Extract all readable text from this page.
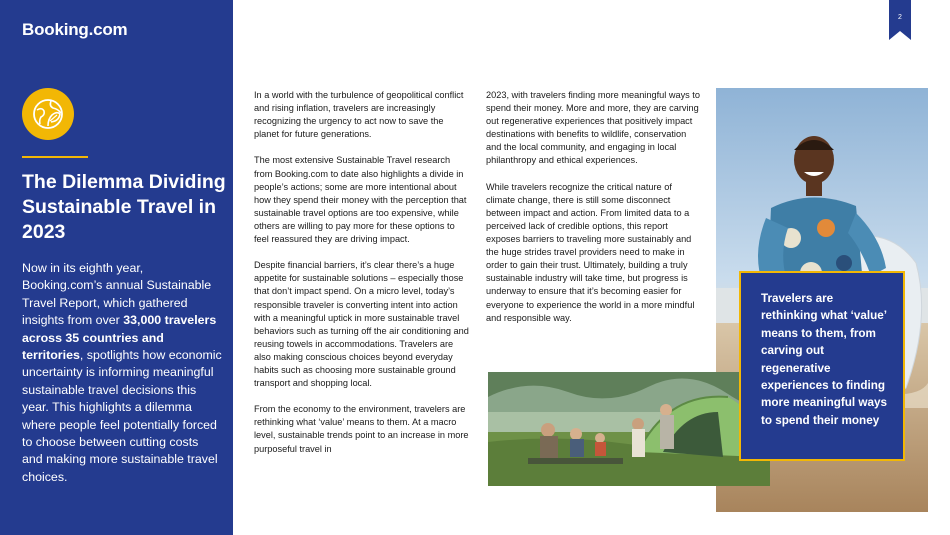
Booking.com
The Dilemma Dividing Sustainable Travel in 2023

Now in its eighth year, Booking.com’s annual Sustainable Travel Report, which gathered insights from over 33,000 travelers across 35 countries and territories, spotlights how economic uncertainty is informing meaningful sustainable travel decisions this year. This highlights a dilemma where people feel potentially forced to choose between cutting costs and making more sustainable travel choices.

In a world with the turbulence of geopolitical conflict and rising inflation, travelers are increasingly recognizing the urgency to act now to save the planet for future generations.

The most extensive Sustainable Travel research from Booking.com to date also highlights a divide in people’s actions; some are more intentional about how they spend their money with the perception that sustainable travel options are too expensive, while others are willing to pay more for these options to feel reassured they are driving impact.

Despite financial barriers, it’s clear there’s a huge appetite for sustainable solutions – especially those that don’t impact spend. On a micro level, today’s responsible traveler is converting intent into action with a meaningful uptick in more sustainable travel behaviors such as turning off the air conditioning and reusing towels in accommodations. Travelers are also making conscious choices beyond everyday habits such as choosing more sustainable ground transport and shopping local.

From the economy to the environment, travelers are rethinking what ‘value’ means to them. At a macro level, sustainable trends point to an increase in more purposeful travel in

2023, with travelers finding more meaningful ways to spend their money. More and more, they are carving out regenerative experiences that positively impact destinations with benefits to wildlife, conservation and the local community, and engaging in local philanthropy and ethical experiences.

While travelers recognize the critical nature of climate change, there is still some disconnect between impact and action. From limited data to a perceived lack of credible options, this report exposes barriers to traveling more sustainably and the huge strides travel providers need to make in order to gain their trust. Ultimately, building a truly sustainable industry will take time, but progress is underway to ensure that it’s becoming easier for everyone to experience the world in a more mindful and responsible way.

2

Travelers are rethinking what ‘value’ means to them, from carving out regenerative experiences to finding more meaningful ways to spend their money
